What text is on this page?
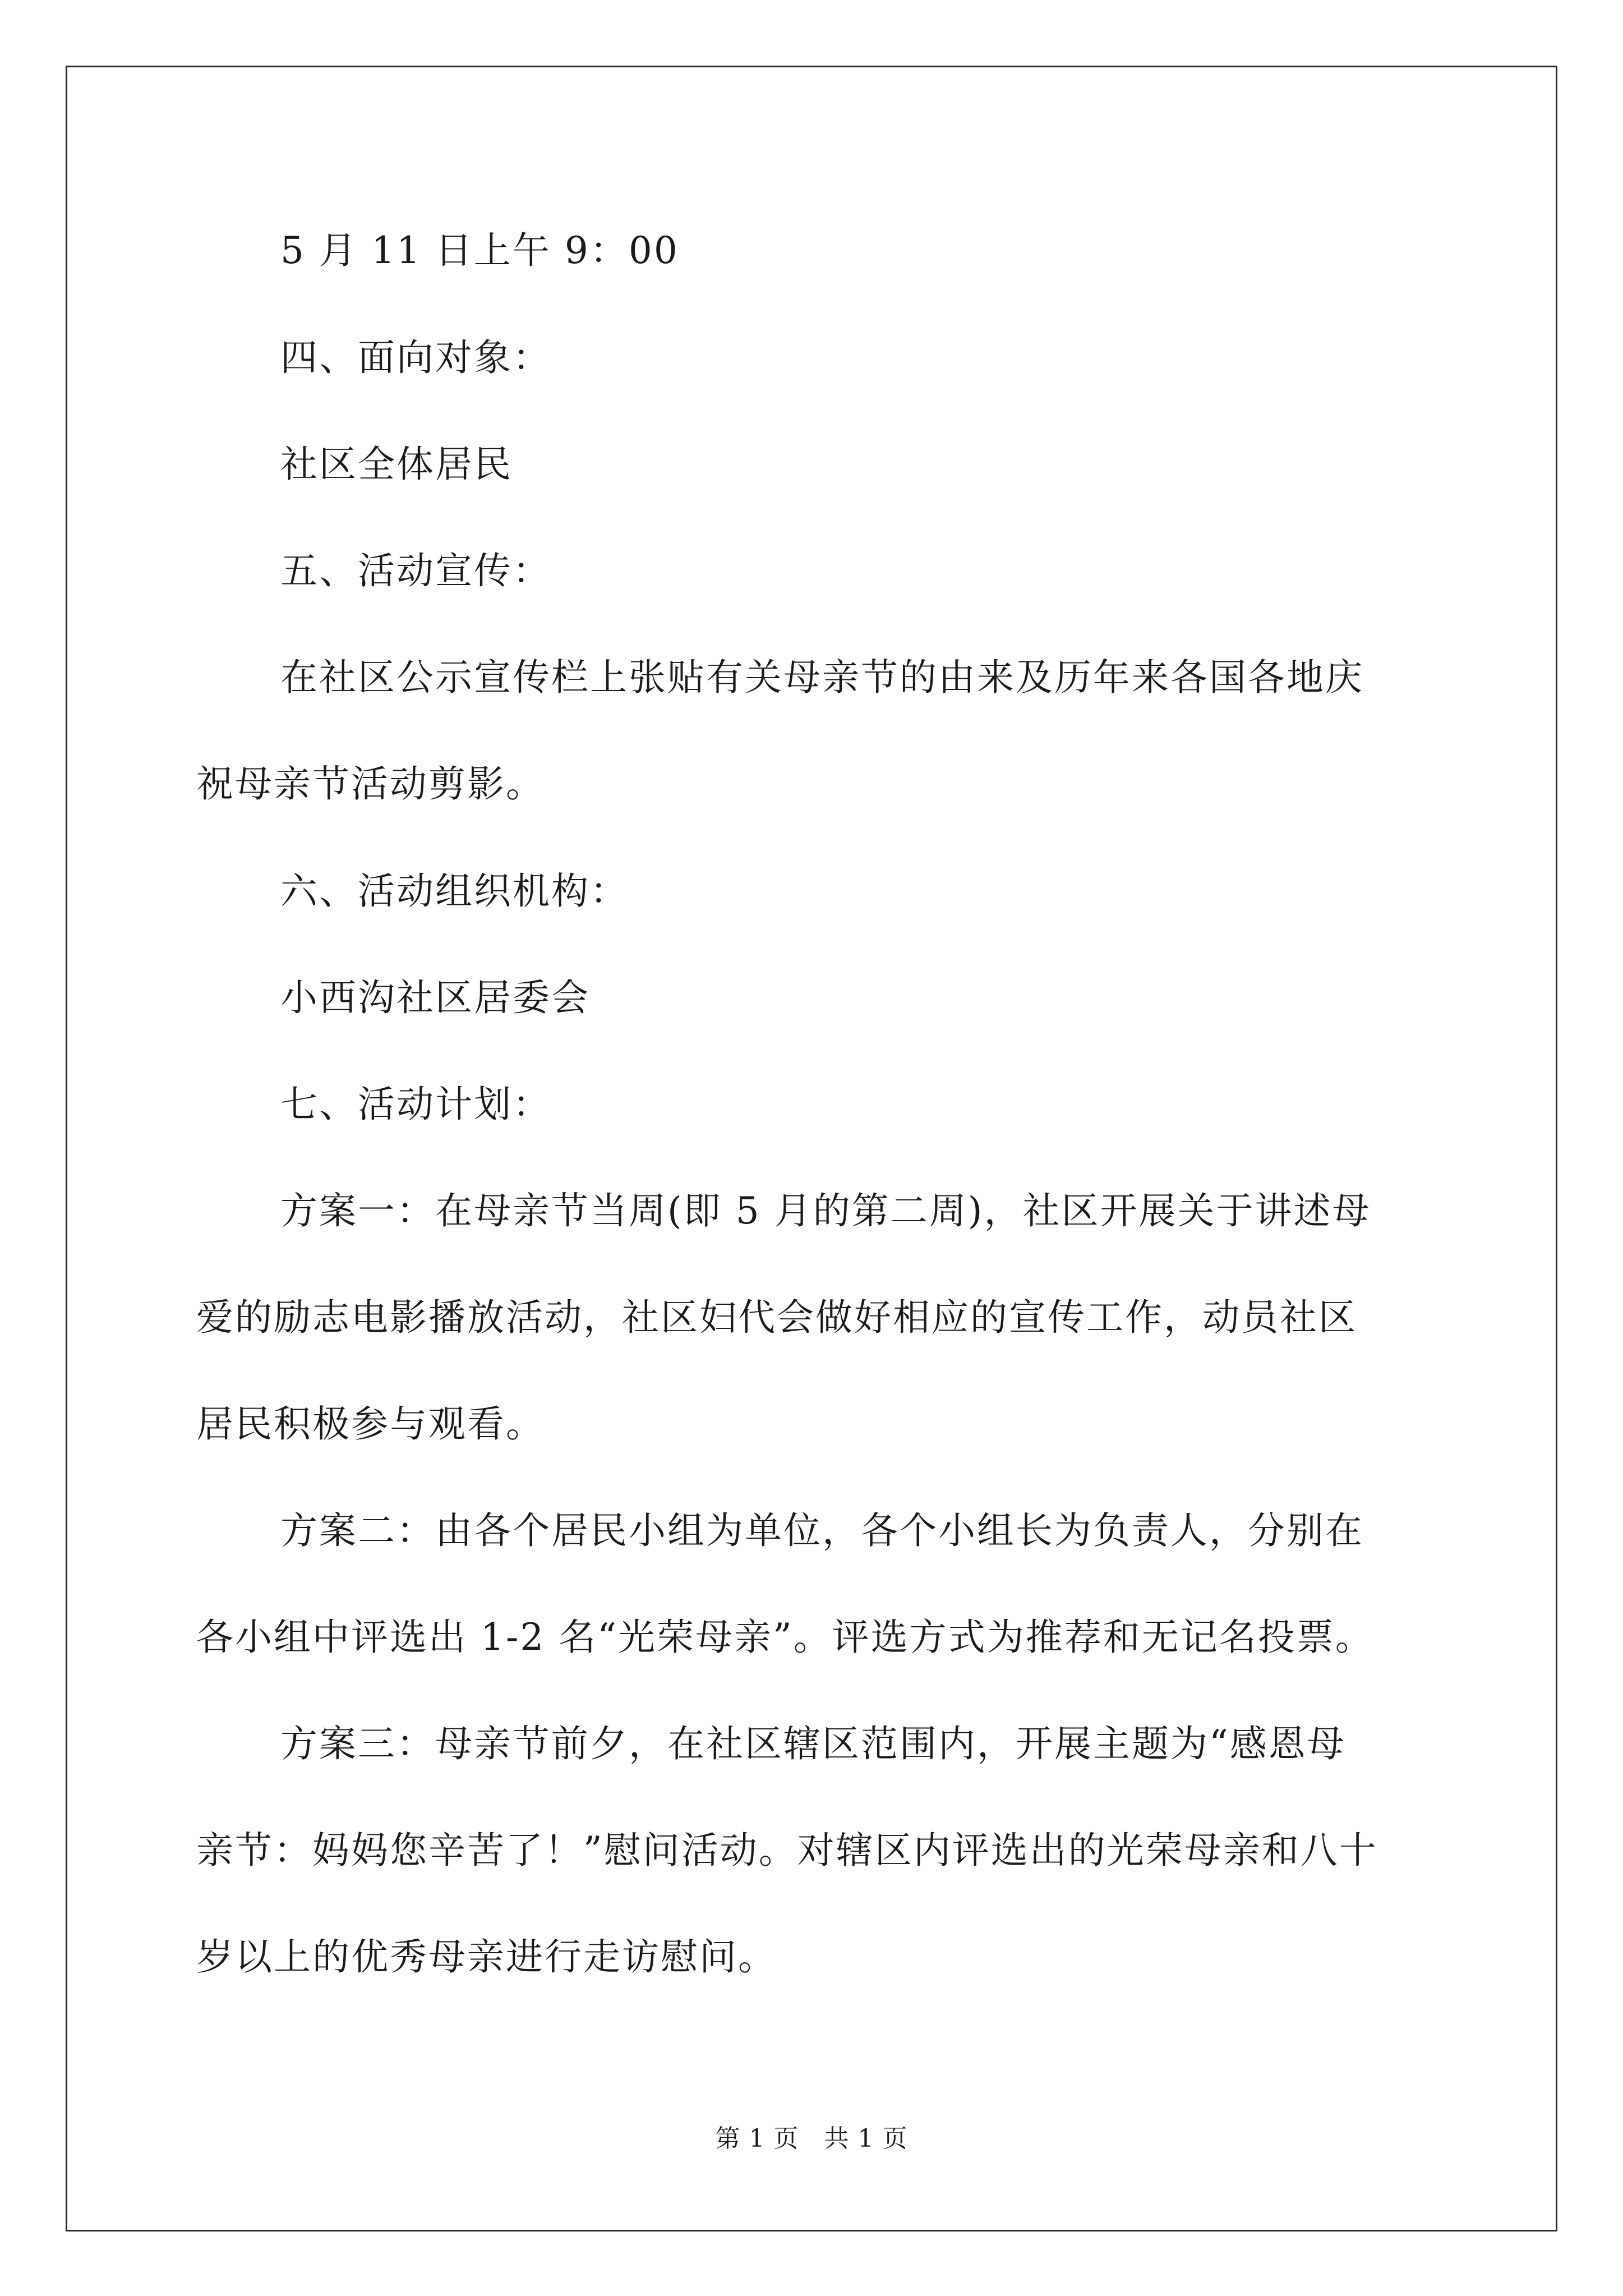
5 月 11 日上午 9：00
四、面向对象：
社区全体居民
五、活动宣传：
在社区公示宣传栏上张贴有关母亲节的由来及历年来各国各地庆
祝母亲节活动剪影。
六、活动组织机构：
小西沟社区居委会
七、活动计划：
方案一：在母亲节当周(即 5 月的第二周)，社区开展关于讲述母
爱的励志电影播放活动，社区妇代会做好相应的宣传工作，动员社区
居民积极参与观看。
方案二：由各个居民小组为单位，各个小组长为负责人，分别在
各小组中评选出 1-2 名“光荣母亲”。评选方式为推荐和无记名投票。
方案三：母亲节前夕，在社区辖区范围内，开展主题为“感恩母
亲节：妈妈您辛苦了！”慰问活动。对辖区内评选出的光荣母亲和八十
岁以上的优秀母亲进行走访慰问。
第 1 页　共 1 页
